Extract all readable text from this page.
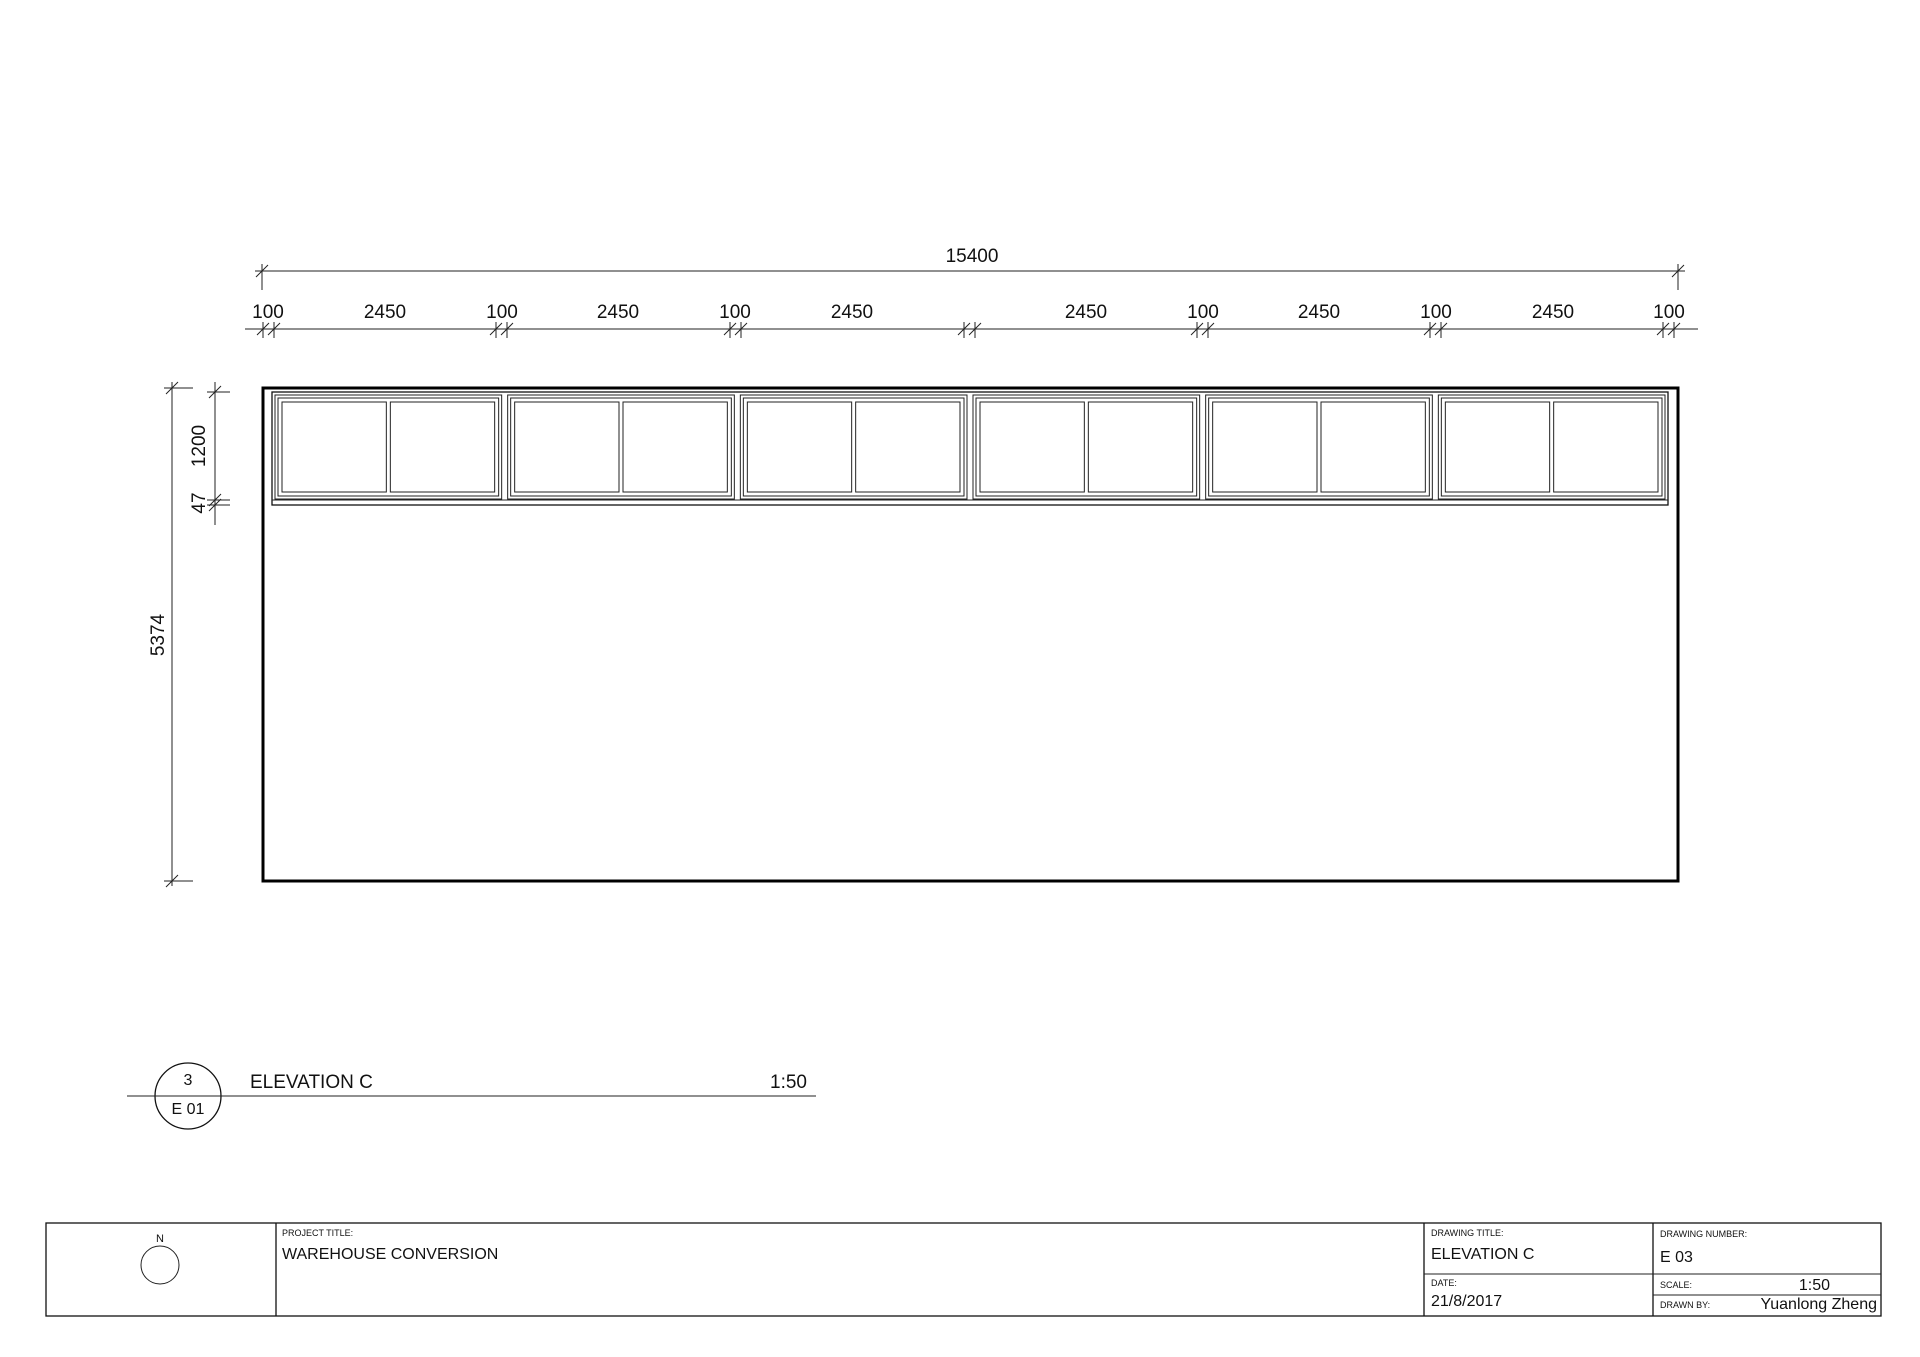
15400
100	2450	100	2450	100	2450	2450	100	2450	100	2450	100
5374
1200
47
3
E 01
ELEVATION C	1:50
N	PROJECT TITLE:
WAREHOUSE CONVERSION
DRAWING TITLE:
ELEVATION C
DATE:
21/8/2017
DRAWING NUMBER:
E 03
SCALE:	1:50
DRAWN BY:	Yuanlong Zheng
